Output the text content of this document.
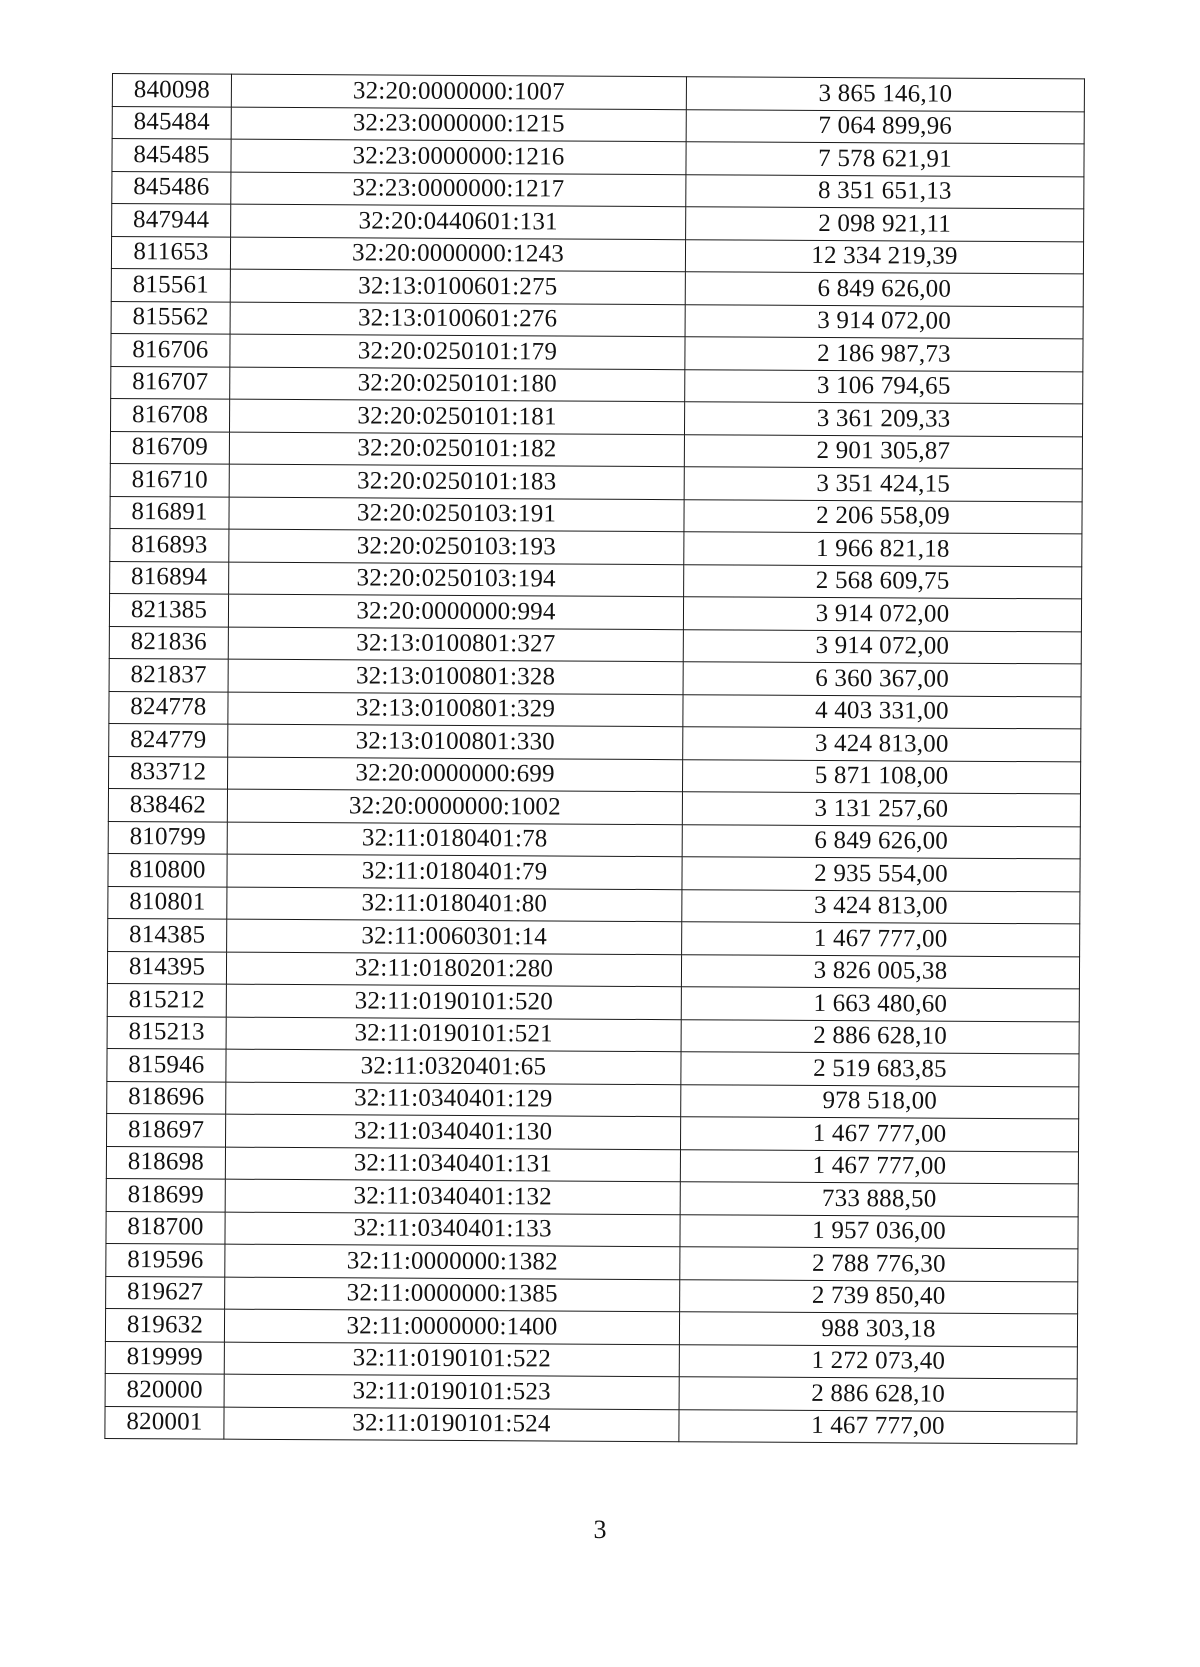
840098	32:20:0000000:1007	3 865 146,10
845484	32:23:0000000:1215	7 064 899,96
845485	32:23:0000000:1216	7 578 621,91
845486	32:23:0000000:1217	8 351 651,13
847944	32:20:0440601:131	2 098 921,11
811653	32:20:0000000:1243	12 334 219,39
815561	32:13:0100601:275	6 849 626,00
815562	32:13:0100601:276	3 914 072,00
816706	32:20:0250101:179	2 186 987,73
816707	32:20:0250101:180	3 106 794,65
816708	32:20:0250101:181	3 361 209,33
816709	32:20:0250101:182	2 901 305,87
816710	32:20:0250101:183	3 351 424,15
816891	32:20:0250103:191	2 206 558,09
816893	32:20:0250103:193	1 966 821,18
816894	32:20:0250103:194	2 568 609,75
821385	32:20:0000000:994	3 914 072,00
821836	32:13:0100801:327	3 914 072,00
821837	32:13:0100801:328	6 360 367,00
824778	32:13:0100801:329	4 403 331,00
824779	32:13:0100801:330	3 424 813,00
833712	32:20:0000000:699	5 871 108,00
838462	32:20:0000000:1002	3 131 257,60
810799	32:11:0180401:78	6 849 626,00
810800	32:11:0180401:79	2 935 554,00
810801	32:11:0180401:80	3 424 813,00
814385	32:11:0060301:14	1 467 777,00
814395	32:11:0180201:280	3 826 005,38
815212	32:11:0190101:520	1 663 480,60
815213	32:11:0190101:521	2 886 628,10
815946	32:11:0320401:65	2 519 683,85
818696	32:11:0340401:129	978 518,00
818697	32:11:0340401:130	1 467 777,00
818698	32:11:0340401:131	1 467 777,00
818699	32:11:0340401:132	733 888,50
818700	32:11:0340401:133	1 957 036,00
819596	32:11:0000000:1382	2 788 776,30
819627	32:11:0000000:1385	2 739 850,40
819632	32:11:0000000:1400	988 303,18
819999	32:11:0190101:522	1 272 073,40
820000	32:11:0190101:523	2 886 628,10
820001	32:11:0190101:524	1 467 777,00
3
